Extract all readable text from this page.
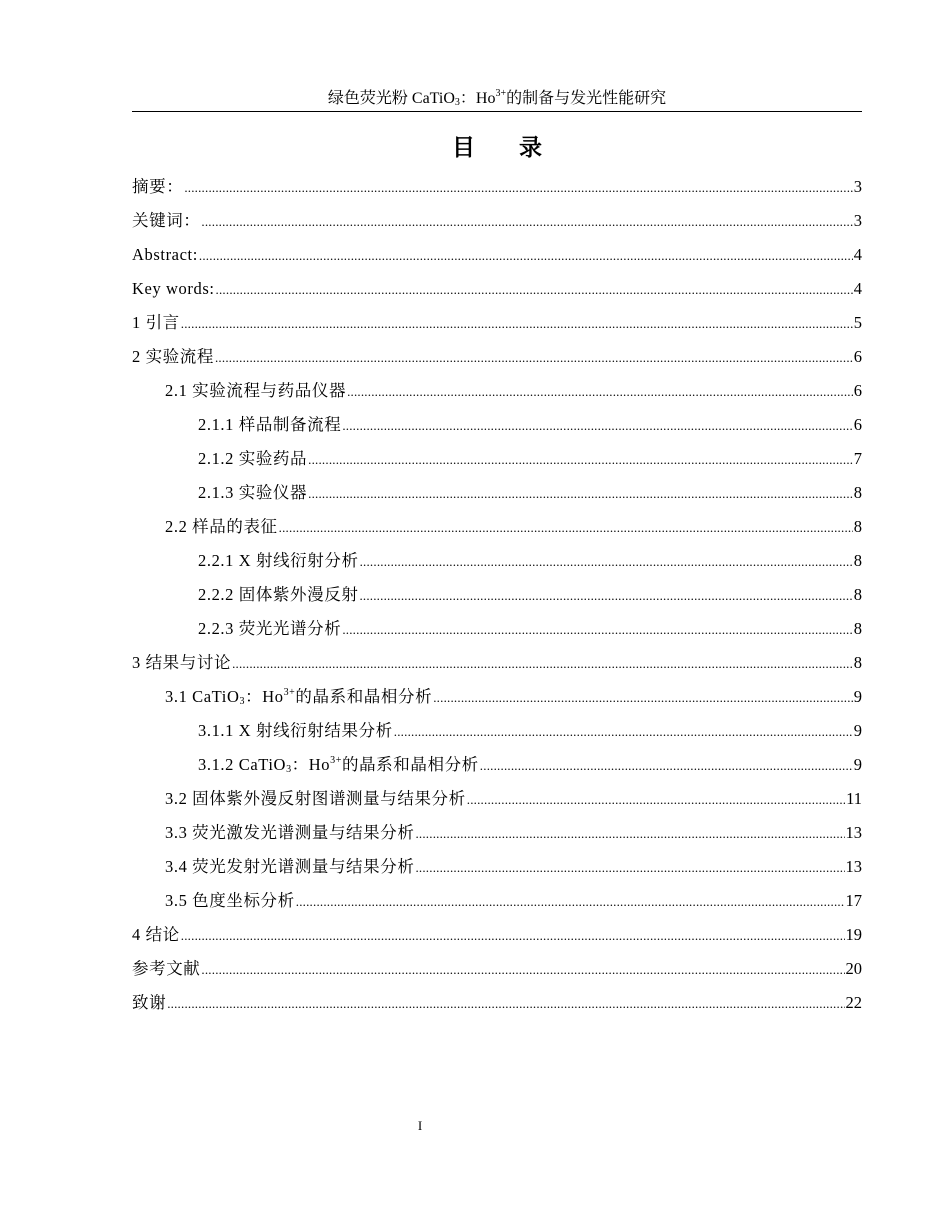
绿色荧光粉 CaTiO$_3$：$Ho^{3+}$的制备与发光性能研究
目 录
摘要： .....	3
关键词： .....	3
Abstract: .....	4
Key words: .....	4
1 引言 .....	5
2 实验流程 .....	6
2.1 实验流程与药品仪器 .....	6
2.1.1 样品制备流程 .....	6
2.1.2 实验药品 .....	7
2.1.3 实验仪器 .....	8
2.2 样品的表征 .....	8
2.2.1 X 射线衍射分析 .....	8
2.2.2 固体紫外漫反射 .....	8
2.2.3 荧光光谱分析 .....	8
3 结果与讨论 .....	8
3.1 CaTiO$_3$：$Ho^{3+}$的晶系和晶相分析 .....	9
3.1.1 X 射线衍射结果分析 .....	9
3.1.2 CaTiO$_3$：$Ho^{3+}$的晶系和晶相分析 .....	9
3.2 固体紫外漫反射图谱测量与结果分析 .....	11
3.3 荧光激发光谱测量与结果分析 .....	13
3.4 荧光发射光谱测量与结果分析 .....	13
3.5 色度坐标分析 .....	17
4 结论 .....	19
参考文献 .....	20
致谢 .....	22
I
